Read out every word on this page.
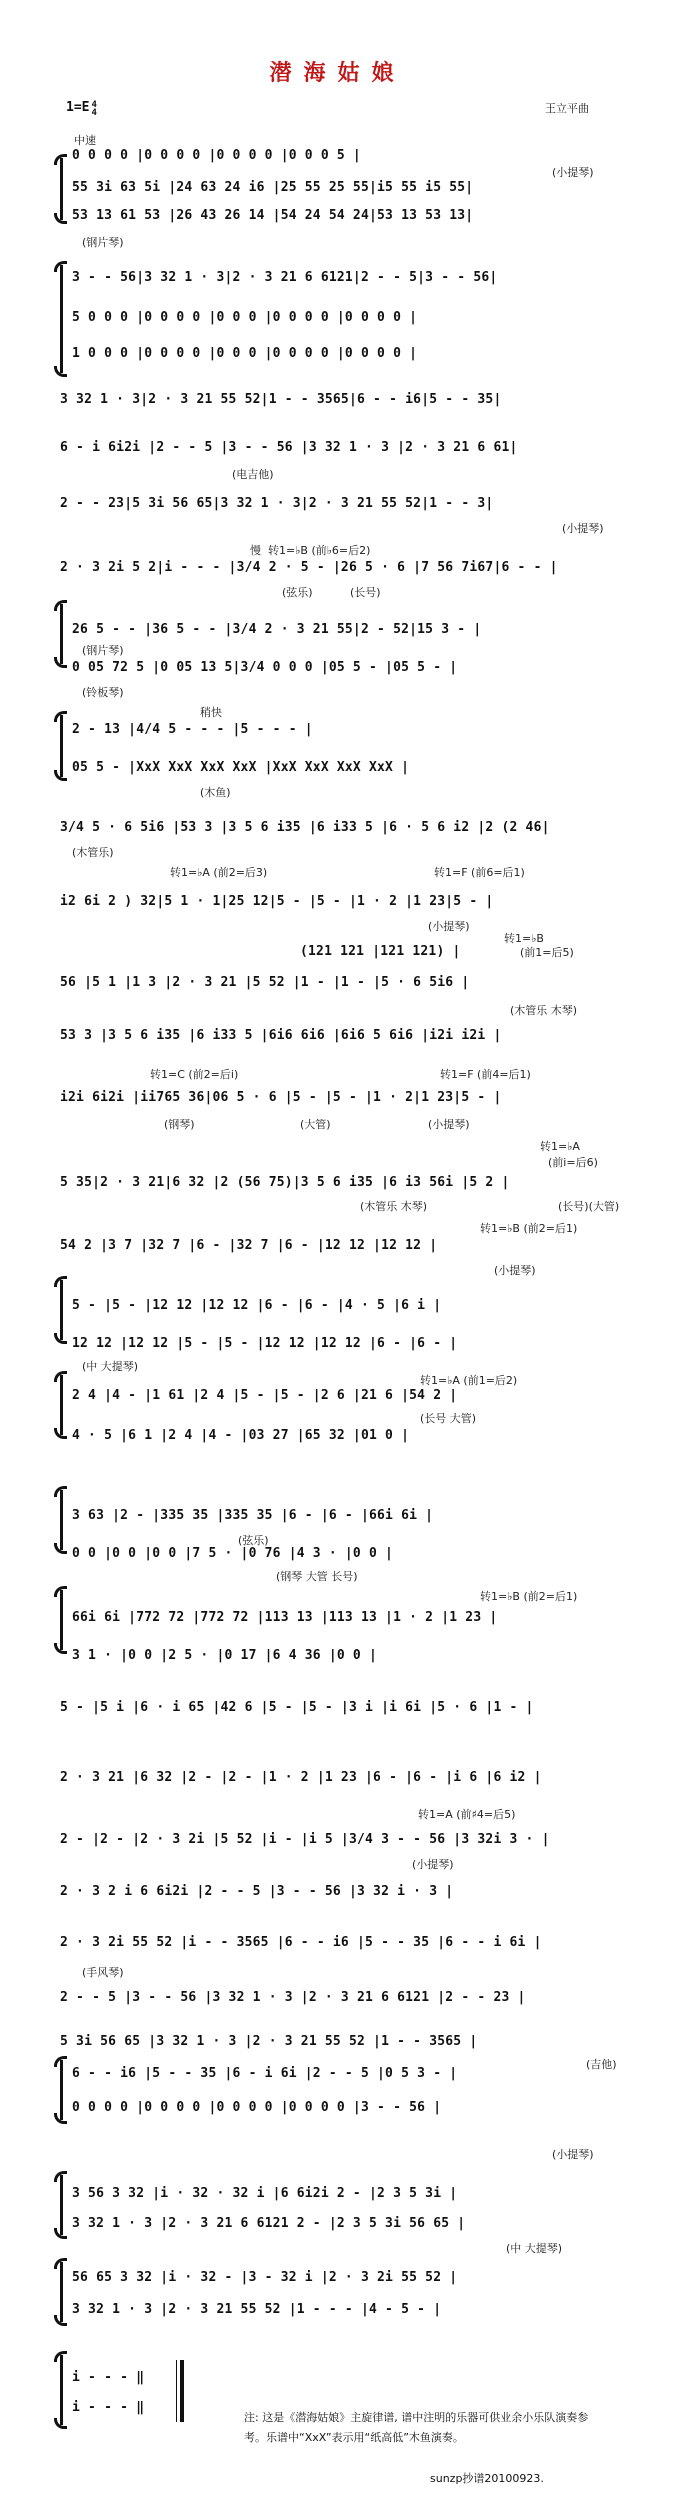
潜海姑娘
1=E 4
4	王立平曲
中速
0 0 0 0 |0 0 0 0 |0 0 0 0 |0 0 0 5 |
55 3i 63 5i |24 63 24 i6 |25 55 25 55|i5 55 i5 55|
53 13 61 53 |26 43 26 14 |54 24 54 24|53 13 53 13|
3 - - 56|3 32 1 · 3|2 · 3 21 6 6121|2 - - 5|3 - - 56|
5 0 0 0 |0 0 0 0 |0 0 0 |0 0 0 0 |0 0 0 0 |
1 0 0 0 |0 0 0 0 |0 0 0 |0 0 0 0 |0 0 0 0 |
3 32 1 · 3|2 · 3 21 55 52|1 - - 3565|6 - - i6|5 - - 35|
6 - i 6i2i |2 - - 5 |3 - - 56 |3 32 1 · 3 |2 · 3 21 6 61|
2 - - 23|5 3i 56 65|3 32 1 · 3|2 · 3 21 55 52|1 - - 3|
2 · 3 2i 5 2|i - - - |3/4 2 · 5 - |26 5 · 6 |7 56 7i67|6 - - |
26 5 - - |36 5 - - |3/4 2 · 3 21 55|2 - 52|15 3 - |
0 05 72 5 |0 05 13 5|3/4 0 0 0 |05 5 - |05 5 - |
2 - 13 |4/4 5 - - - |5 - - - |
05 5 - |XxX XxX XxX XxX |XxX XxX XxX XxX |
3/4 5 · 6 5i6 |53 3 |3 5 6 i35 |6 i33 5 |6 · 5 6 i2 |2 (2 46|
i2 6i 2 ) 32|5 1 · 1|25 12|5 - |5 - |1 · 2 |1 23|5 - |
(121 121 |121 121) |
56 |5 1 |1 3 |2 · 3 21 |5 52 |1 - |1 - |5 · 6 5i6 |
53 3 |3 5 6 i35 |6 i33 5 |6i6 6i6 |6i6 5 6i6 |i2i i2i |
i2i 6i2i |ii765 36|06 5 · 6 |5 - |5 - |1 · 2|1 23|5 - |
5 35|2 · 3 21|6 32 |2 (56 75)|3 5 6 i35 |6 i3 56i |5 2 |
54 2 |3 7 |32 7 |6 - |32 7 |6 - |12 12 |12 12 |
5 - |5 - |12 12 |12 12 |6 - |6 - |4 · 5 |6 i |
12 12 |12 12 |5 - |5 - |12 12 |12 12 |6 - |6 - |
2 4 |4 - |1 61 |2 4 |5 - |5 - |2 6 |21 6 |54 2 |
4 · 5 |6 1 |2 4 |4 - |03 27 |65 32 |01 0 |
3 63 |2 - |335 35 |335 35 |6 - |6 - |66i 6i |
0 0 |0 0 |0 0 |7 5 · |0 76 |4 3 · |0 0 |
66i 6i |772 72 |772 72 |113 13 |113 13 |1 · 2 |1 23 |
3 1 · |0 0 |2 5 · |0 17 |6 4 36 |0 0 |
5 - |5 i |6 · i 65 |42 6 |5 - |5 - |3 i |i 6i |5 · 6 |1 - |
2 · 3 21 |6 32 |2 - |2 - |1 · 2 |1 23 |6 - |6 - |i 6 |6 i2 |
2 - |2 - |2 · 3 2i |5 52 |i - |i 5 |3/4 3 - - 56 |3 32i 3 · |
2 · 3 2 i 6 6i2i |2 - - 5 |3 - - 56 |3 32 i · 3 |
2 · 3 2i 55 52 |i - - 3565 |6 - - i6 |5 - - 35 |6 - - i 6i |
2 - - 5 |3 - - 56 |3 32 1 · 3 |2 · 3 21 6 6121 |2 - - 23 |
5 3i 56 65 |3 32 1 · 3 |2 · 3 21 55 52 |1 - - 3565 |
6 - - i6 |5 - - 35 |6 - i 6i |2 - - 5 |0 5 3 - |
0 0 0 0 |0 0 0 0 |0 0 0 0 |0 0 0 0 |3 - - 56 |
3 56 3 32 |i · 32 · 32 i |6 6i2i 2 - |2 3 5 3i |
3 32 1 · 3 |2 · 3 21 6 6121 2 - |2 3 5 3i 56 65 |
56 65 3 32 |i · 32 - |3 - 32 i |2 · 3 2i 55 52 |
3 32 1 · 3 |2 · 3 21 55 52 |1 - - - |4 - 5 - |
i - - - ‖
i - - - ‖
(小提琴)
(钢片琴)
(电吉他)
(小提琴)
慢 转1=♭B (前♭6=后2)
(弦乐)	(长号)
(钢片琴)
(铃板琴)
稍快
(木鱼)
(木管乐)
转1=♭A (前2=后3)	转1=F (前6=后1)
(小提琴)
转1=♭B
(前1=后5)
(木管乐 木琴)
转1=C (前2=后i)	转1=F (前4=后1)
(钢琴)	(大管)	(小提琴)
转1=♭A
(前i=后6)
(木管乐 木琴)	(长号)(大管)
转1=♭B (前2=后1)
(小提琴)
(中 大提琴)
转1=♭A (前1=后2)
(长号 大管)
(弦乐)
(钢琴 大管 长号)
转1=♭B (前2=后1)
转1=A (前♯4=后5)
(小提琴)
(手风琴)
(吉他)
(小提琴)
(中 大提琴)
注: 这是《潜海姑娘》主旋律谱, 谱中注明的乐器可供业余小乐队演奏参考。乐谱中“XxX”表示用“纸高低”木鱼演奏。
sunzp抄谱20100923.
